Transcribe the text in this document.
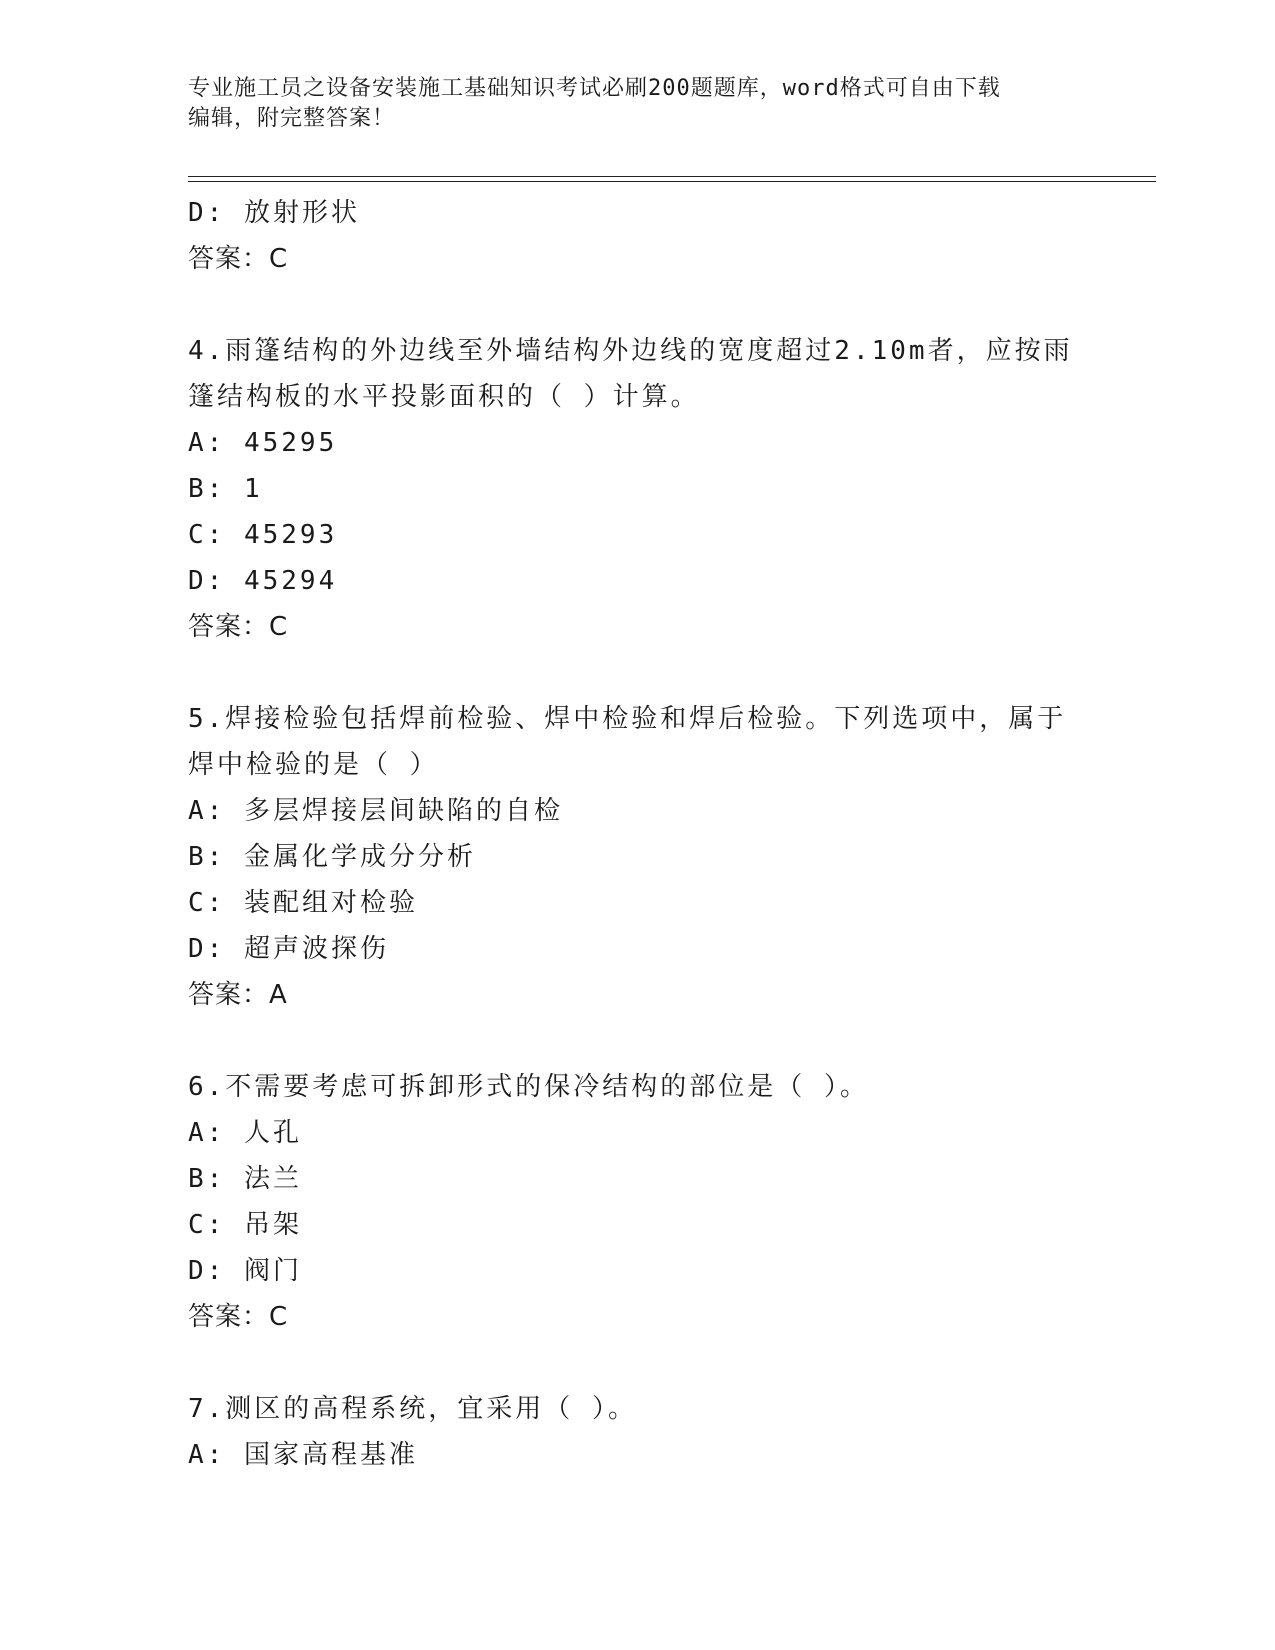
专业施工员之设备安装施工基础知识考试必刷200题题库，word格式可自由下载
编辑，附完整答案！
D: 放射形状
答案：C
4.雨篷结构的外边线至外墙结构外边线的宽度超过2.10m者，应按雨
篷结构板的水平投影面积的（ ）计算。
A: 45295
B: 1
C: 45293
D: 45294
答案：C
5.焊接检验包括焊前检验、焊中检验和焊后检验。下列选项中，属于
焊中检验的是（ ）
A: 多层焊接层间缺陷的自检
B: 金属化学成分分析
C: 装配组对检验
D: 超声波探伤
答案：A
6.不需要考虑可拆卸形式的保冷结构的部位是（ ）。
A: 人孔
B: 法兰
C: 吊架
D: 阀门
答案：C
7.测区的高程系统，宜采用（ ）。
A: 国家高程基准
